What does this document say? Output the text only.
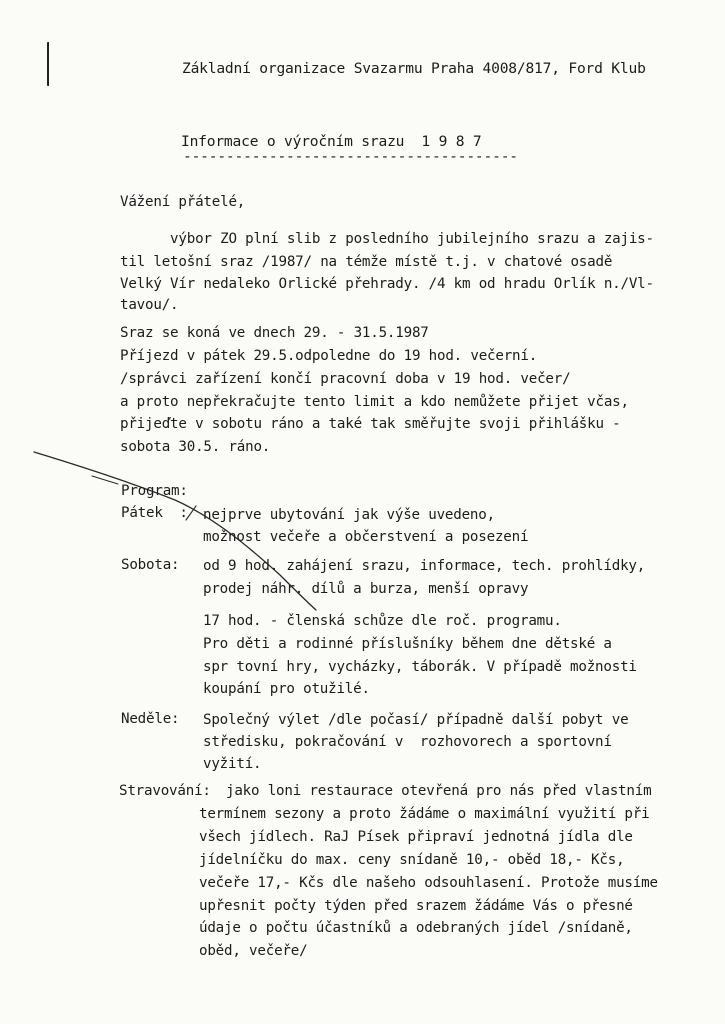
Základní organizace Svazarmu Praha 4008/817, Ford Klub
Informace o výročním srazu  1 9 8 7
---------------------------------------
Vážení přátelé,
výbor ZO plní slib z posledního jubilejního srazu a zajis-
til letošní sraz /1987/ na témže místě t.j. v chatové osadě
Velký Vír nedaleko Orlické přehrady. /4 km od hradu Orlík n./Vl-
tavou/.
Sraz se koná ve dnech 29. - 31.5.1987
Příjezd v pátek 29.5.odpoledne do 19 hod. večerní.
/správci zařízení končí pracovní doba v 19 hod. večer/
a proto nepřekračujte tento limit a kdo nemůžete přijet včas,
přijeďte v sobotu ráno a také tak směřujte svoji přihlášku -
sobota 30.5. ráno.
Program:
Pátek  : nejprve ubytování jak výše uvedeno,
možnost večeře a občerstvení a posezení
Sobota: od 9 hod. zahájení srazu, informace, tech. prohlídky,
prodej náhr. dílů a burza, menší opravy
17 hod. - členská schůze dle roč. programu.
Pro děti a rodinné příslušníky během dne dětské a
spr tovní hry, vycházky, táborák. V případě možnosti
koupání pro otužilé.
Neděle: Společný výlet /dle počasí/ případně další pobyt ve
středisku, pokračování v  rozhovorech a sportovní
vyžití.
Stravování: jako loni restaurace otevřená pro nás před vlastním
termínem sezony a proto žádáme o maximální využití při
všech jídlech. RaJ Písek připraví jednotná jídla dle
jídelníčku do max. ceny snídaně 10,- oběd 18,- Kčs,
večeře 17,- Kčs dle našeho odsouhlasení. Protože musíme
upřesnit počty týden před srazem žádáme Vás o přesné
údaje o počtu účastníků a odebraných jídel /snídaně,
oběd, večeře/
